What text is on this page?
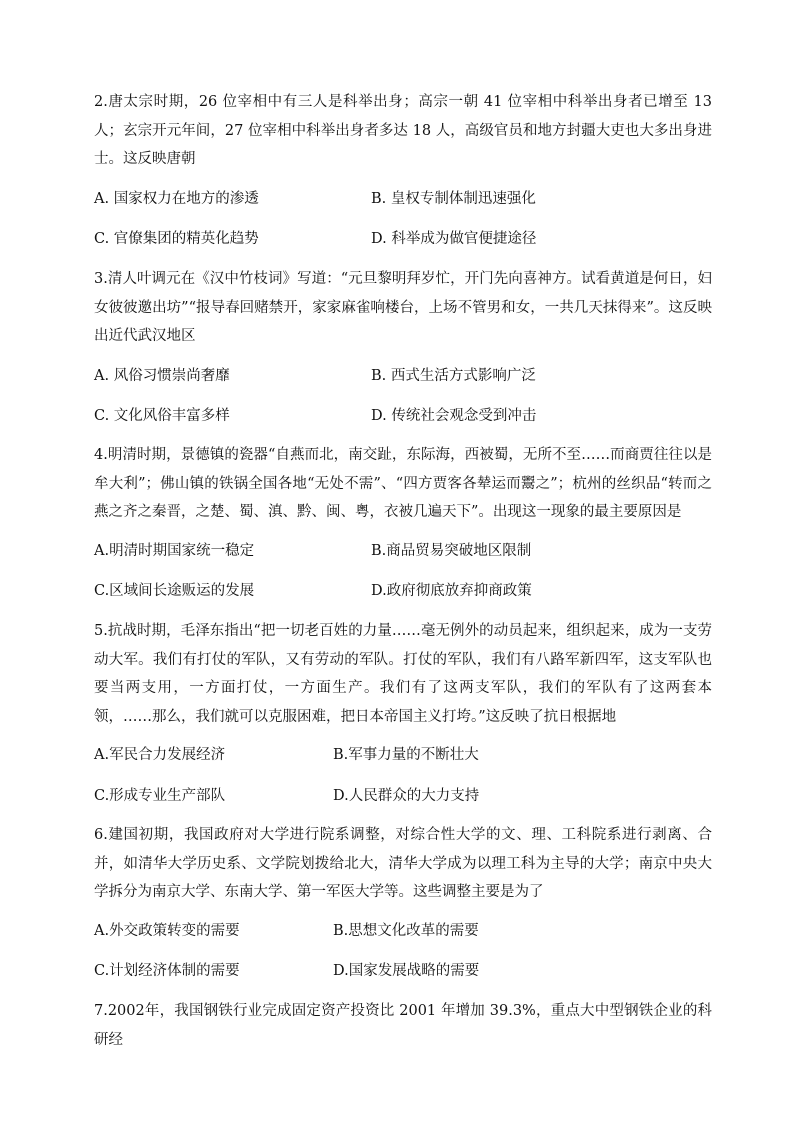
2.唐太宗时期，26 位宰相中有三人是科举出身；高宗一朝 41 位宰相中科举出身者已增至 13 人；玄宗开元年间，27 位宰相中科举出身者多达 18 人，高级官员和地方封疆大吏也大多出身进士。这反映唐朝

A. 国家权力在地方的渗透	B. 皇权专制体制迅速强化
C. 官僚集团的精英化趋势	D. 科举成为做官便捷途径

3.清人叶调元在《汉中竹枝词》写道：“元旦黎明拜岁忙，开门先向喜神方。试看黄道是何日，妇女彼彼邀出坊”“报导春回赌禁开，家家麻雀响楼台，上场不管男和女，一共几天抹得来”。这反映出近代武汉地区

A. 风俗习惯崇尚奢靡	B. 西式生活方式影响广泛
C. 文化风俗丰富多样	D. 传统社会观念受到冲击

4.明清时期，景德镇的瓷器“自燕而北，南交趾，东际海，西被蜀，无所不至……而商贾往往以是牟大利”；佛山镇的铁锅全国各地“无处不需”、“四方贾客各辇运而鬻之”；杭州的丝织品“转而之燕之齐之秦晋，之楚、蜀、滇、黔、闽、粤，衣被几遍天下”。出现这一现象的最主要原因是

A.明清时期国家统一稳定	B.商品贸易突破地区限制
C.区域间长途贩运的发展	D.政府彻底放弃抑商政策

5.抗战时期，毛泽东指出“把一切老百姓的力量……毫无例外的动员起来，组织起来，成为一支劳动大军。我们有打仗的军队，又有劳动的军队。打仗的军队，我们有八路军新四军，这支军队也要当两支用，一方面打仗，一方面生产。我们有了这两支军队，我们的军队有了这两套本领，……那么，我们就可以克服困难，把日本帝国主义打垮。”这反映了抗日根据地

A.军民合力发展经济	B.军事力量的不断壮大
C.形成专业生产部队	D.人民群众的大力支持

6.建国初期，我国政府对大学进行院系调整，对综合性大学的文、理、工科院系进行剥离、合并，如清华大学历史系、文学院划拨给北大，清华大学成为以理工科为主导的大学；南京中央大学拆分为南京大学、东南大学、第一军医大学等。这些调整主要是为了

A.外交政策转变的需要	B.思想文化改革的需要
C.计划经济体制的需要	D.国家发展战略的需要

7.2002年，我国钢铁行业完成固定资产投资比 2001 年增加 39.3%，重点大中型钢铁企业的科研经
